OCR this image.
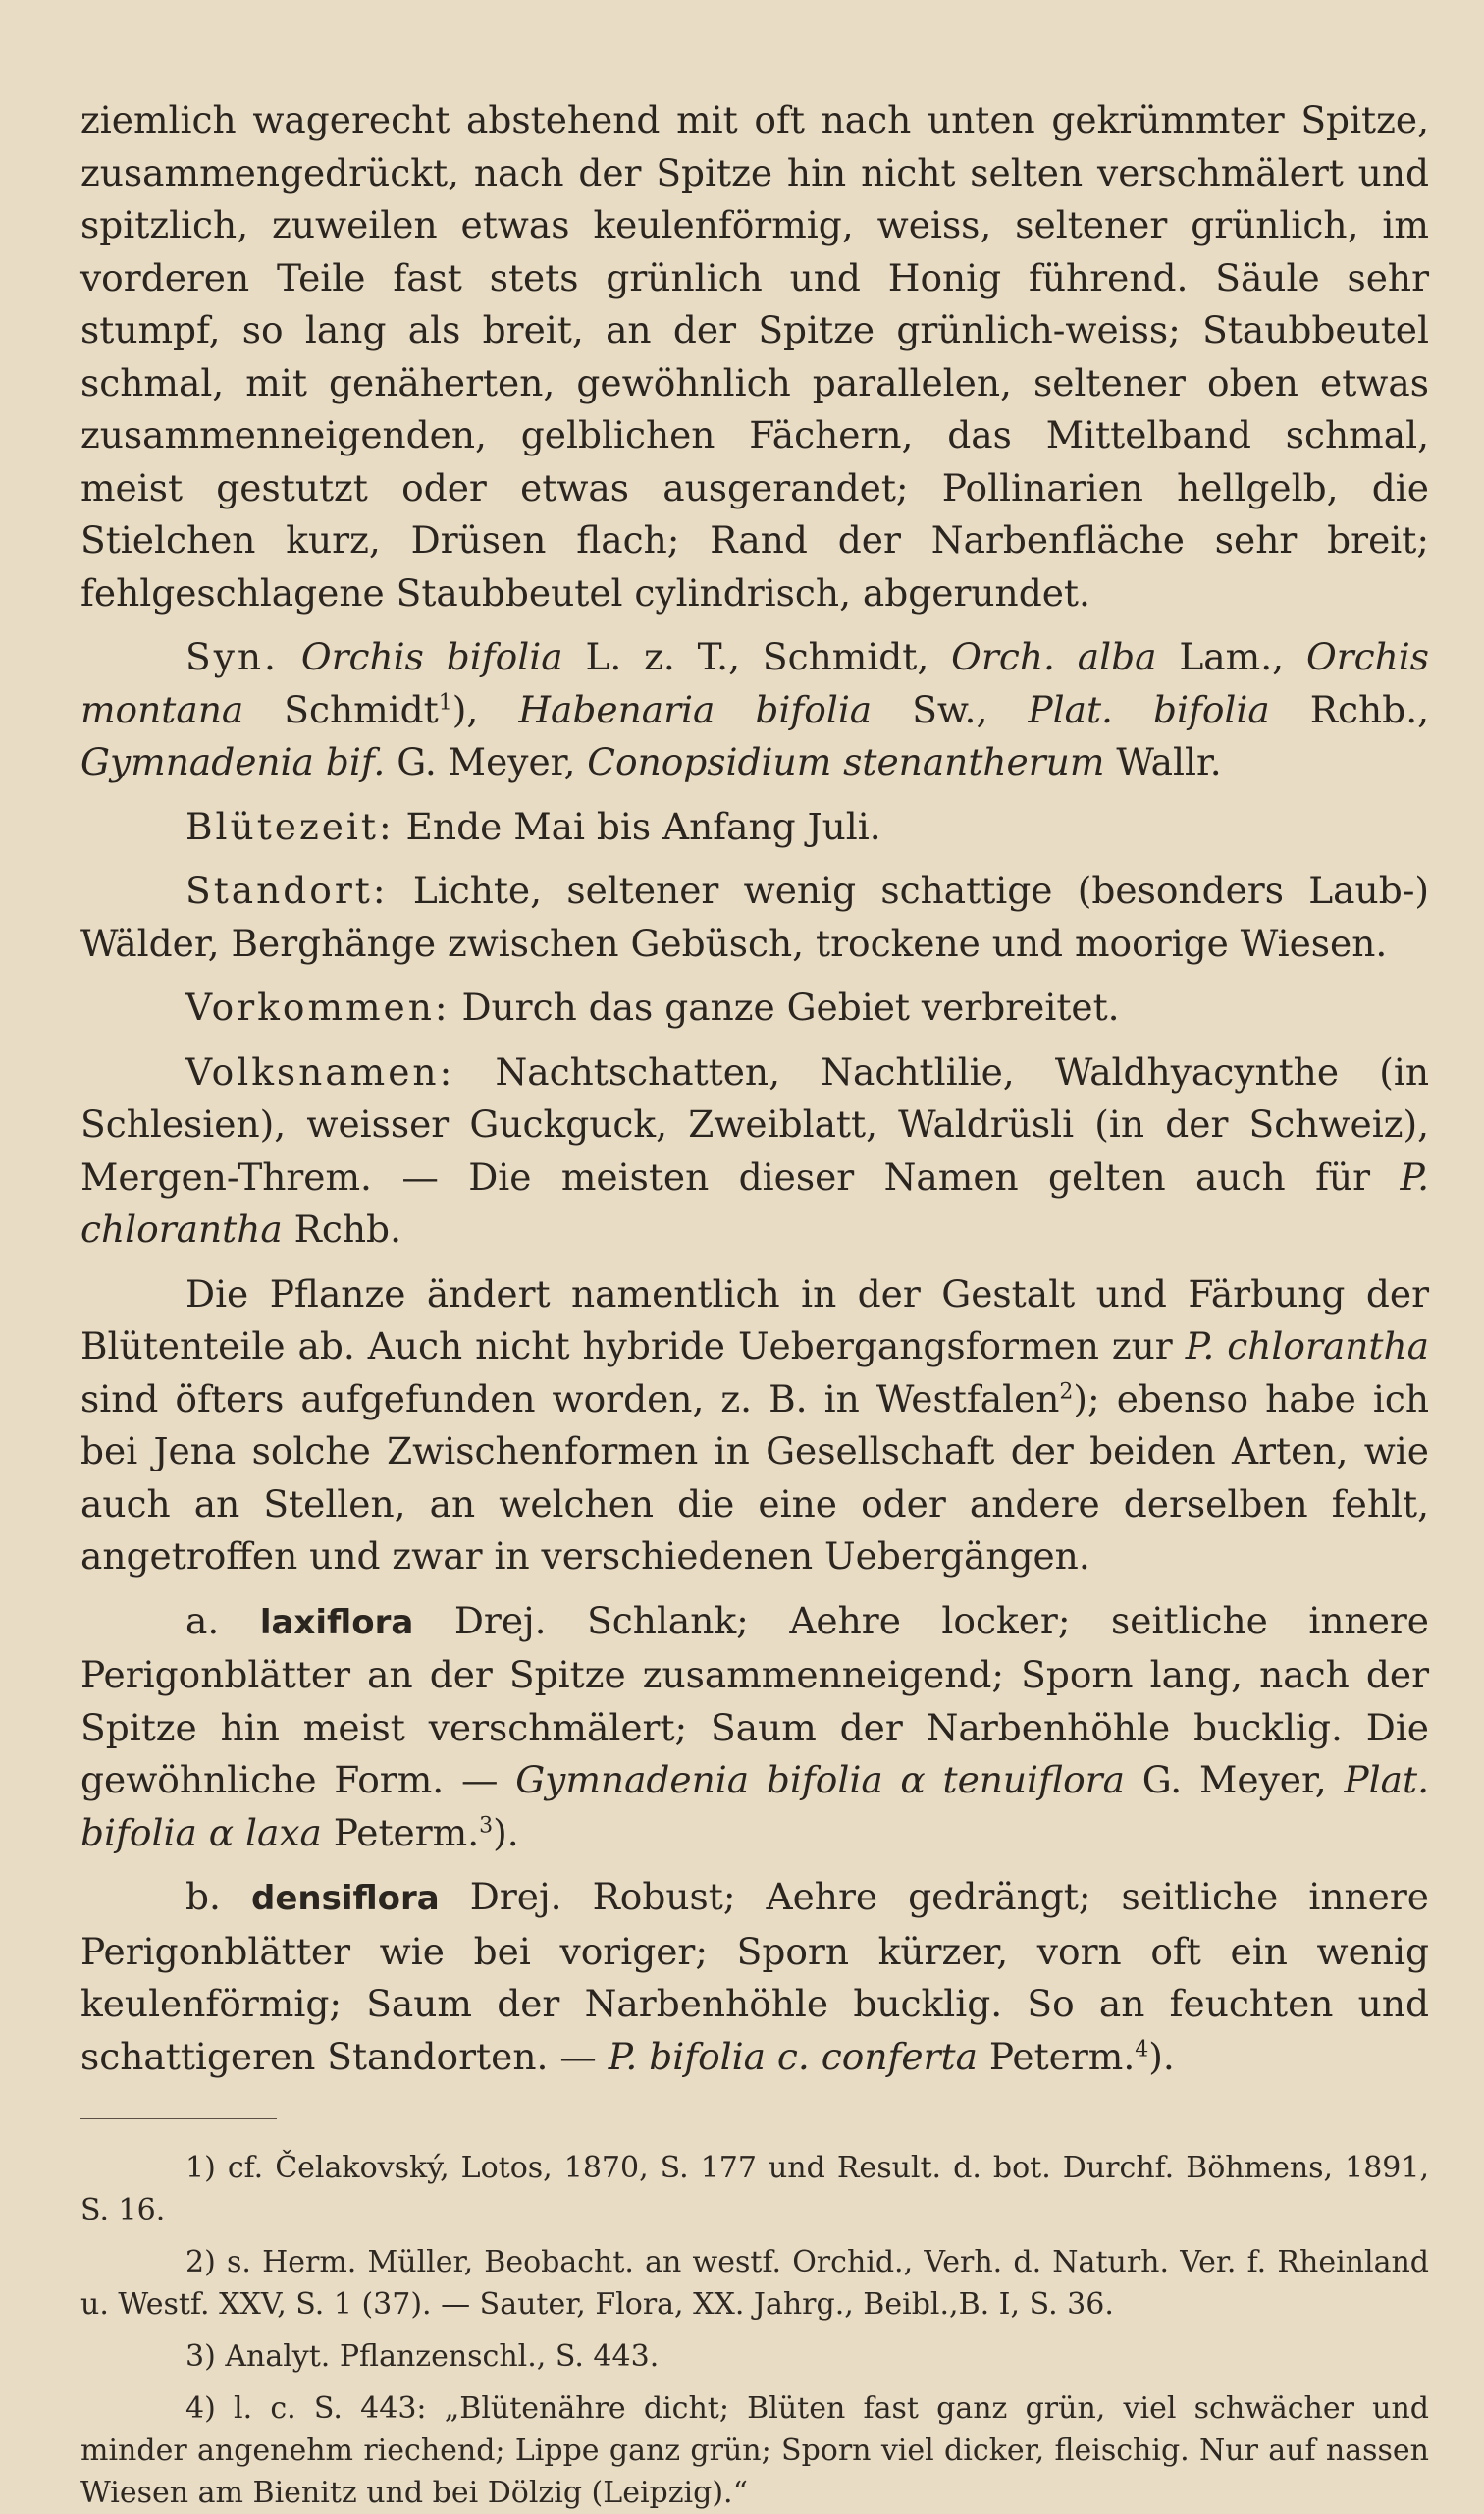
ziemlich wagerecht abstehend mit oft nach unten gekrümmter Spitze, zusammengedrückt, nach der Spitze hin nicht selten verschmälert und spitzlich, zuweilen etwas keulenförmig, weiss, seltener grünlich, im vorderen Teile fast stets grünlich und Honig führend. Säule sehr stumpf, so lang als breit, an der Spitze grünlich-weiss; Staubbeutel schmal, mit genäherten, gewöhnlich parallelen, seltener oben etwas zusammenneigenden, gelblichen Fächern, das Mittelband schmal, meist gestutzt oder etwas ausgerandet; Pollinarien hellgelb, die Stielchen kurz, Drüsen flach; Rand der Narbenfläche sehr breit; fehlgeschlagene Staubbeutel cylindrisch, abgerundet.

Syn. Orchis bifolia L. z. T., Schmidt, Orch. alba Lam., Orchis montana Schmidt$^1$), Habenaria bifolia Sw., Plat. bifolia Rchb., Gymnadenia bif. G. Meyer, Conopsidium stenantherum Wallr.

Blütezeit: Ende Mai bis Anfang Juli.

Standort: Lichte, seltener wenig schattige (besonders Laub-) Wälder, Berghänge zwischen Gebüsch, trockene und moorige Wiesen.

Vorkommen: Durch das ganze Gebiet verbreitet.

Volksnamen: Nachtschatten, Nachtlilie, Waldhyacynthe (in Schlesien), weisser Guckguck, Zweiblatt, Waldrüsli (in der Schweiz), Mergen-Threm. — Die meisten dieser Namen gelten auch für P. chlorantha Rchb.

Die Pflanze ändert namentlich in der Gestalt und Färbung der Blütenteile ab. Auch nicht hybride Uebergangsformen zur P. chlorantha sind öfters aufgefunden worden, z. B. in Westfalen$^2$); ebenso habe ich bei Jena solche Zwischenformen in Gesellschaft der beiden Arten, wie auch an Stellen, an welchen die eine oder andere derselben fehlt, angetroffen und zwar in verschiedenen Uebergängen.

a. laxiflora Drej. Schlank; Aehre locker; seitliche innere Perigonblätter an der Spitze zusammenneigend; Sporn lang, nach der Spitze hin meist verschmälert; Saum der Narbenhöhle bucklig. Die gewöhnliche Form. — Gymnadenia bifolia α tenuiflora G. Meyer, Plat. bifolia α laxa Peterm.$^3$).

b. densiflora Drej. Robust; Aehre gedrängt; seitliche innere Perigonblätter wie bei voriger; Sporn kürzer, vorn oft ein wenig keulenförmig; Saum der Narbenhöhle bucklig. So an feuchten und schattigeren Standorten. — P. bifolia c. conferta Peterm.$^4$).

1) cf. Čelakovský, Lotos, 1870, S. 177 und Result. d. bot. Durchf. Böhmens, 1891, S. 16.

2) s. Herm. Müller, Beobacht. an westf. Orchid., Verh. d. Naturh. Ver. f. Rheinland u. Westf. XXV, S. 1 (37). — Sauter, Flora, XX. Jahrg., Beibl.,B. I, S. 36.

3) Analyt. Pflanzenschl., S. 443.

4) l. c. S. 443: „Blütenähre dicht; Blüten fast ganz grün, viel schwächer und minder angenehm riechend; Lippe ganz grün; Sporn viel dicker, fleischig. Nur auf nassen Wiesen am Bienitz und bei Dölzig (Leipzig).“
